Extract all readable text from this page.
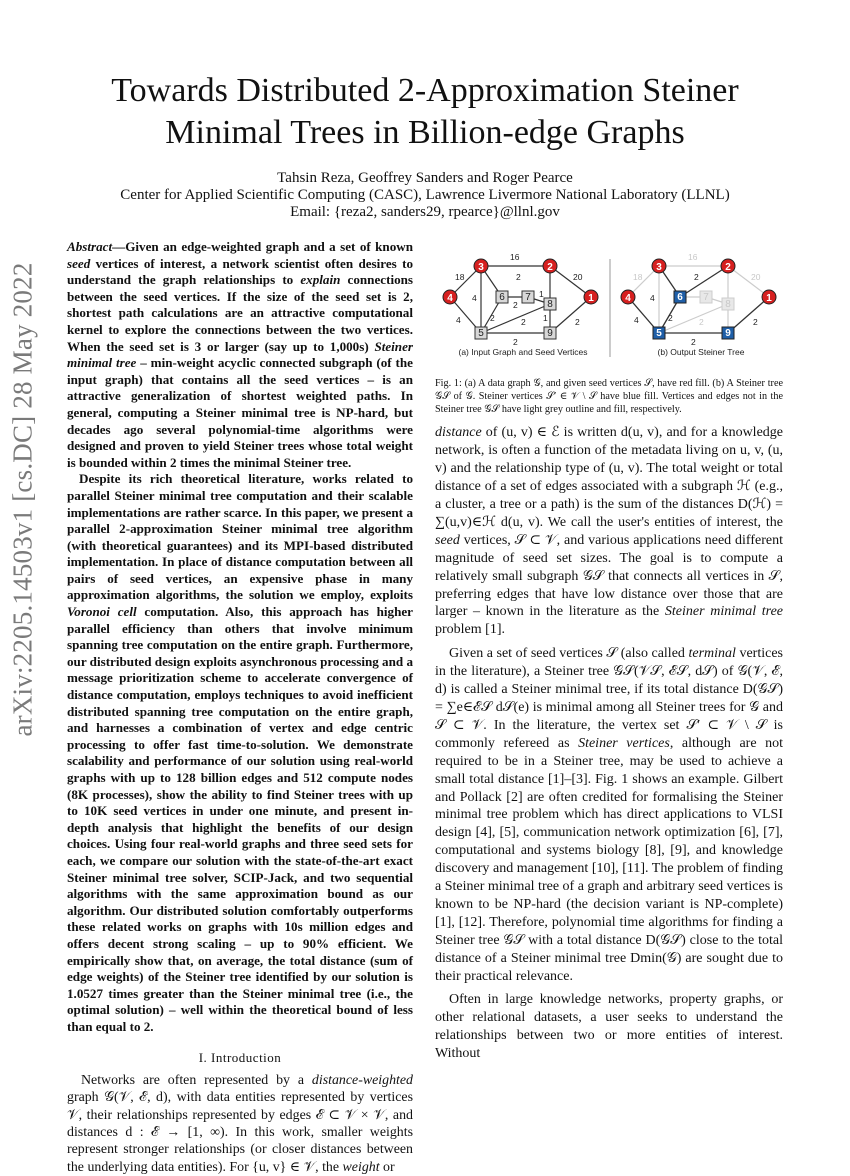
arXiv:2205.14503v1 [cs.DC] 28 May 2022
Towards Distributed 2-Approximation Steiner
Minimal Trees in Billion-edge Graphs
Tahsin Reza, Geoffrey Sanders and Roger Pearce
Center for Applied Scientific Computing (CASC), Lawrence Livermore National Laboratory (LLNL)
Email: {reza2, sanders29, rpearce}@llnl.gov

Abstract—Given an edge-weighted graph and a set of known seed vertices of interest, a network scientist often desires to understand the graph relationships to explain connections between the seed vertices. If the size of the seed set is 2, shortest path calculations are an attractive computational kernel to explore the connections between the two vertices. When the seed set is 3 or larger (say up to 1,000s) Steiner minimal tree – min-weight acyclic connected subgraph (of the input graph) that contains all the seed vertices – is an attractive generalization of shortest weighted paths. In general, computing a Steiner minimal tree is NP-hard, but decades ago several polynomial-time algorithms were designed and proven to yield Steiner trees whose total weight is bounded within 2 times the minimal Steiner tree.

Despite its rich theoretical literature, works related to parallel Steiner minimal tree computation and their scalable implementations are rather scarce. In this paper, we present a parallel 2-approximation Steiner minimal tree algorithm (with theoretical guarantees) and its MPI-based distributed implementation. In place of distance computation between all pairs of seed vertices, an expensive phase in many approximation algorithms, the solution we employ, exploits Voronoi cell computation. Also, this approach has higher parallel efficiency than others that involve minimum spanning tree computation on the entire graph. Furthermore, our distributed design exploits asynchronous processing and a message prioritization scheme to accelerate convergence of distance computation, employs techniques to avoid inefficient distributed spanning tree computation on the entire graph, and harnesses a combination of vertex and edge centric processing to offer fast time-to-solution. We demonstrate scalability and performance of our solution using real-world graphs with up to 128 billion edges and 512 compute nodes (8K processes), show the ability to find Steiner trees with up to 10K seed vertices in under one minute, and present in-depth analysis that highlight the benefits of our design choices. Using four real-world graphs and three seed sets for each, we compare our solution with the state-of-the-art exact Steiner minimal tree solver, SCIP-Jack, and two sequential algorithms with the same approximation bound as our algorithm. Our distributed solution comfortably outperforms these related works on graphs with 10s million edges and offers decent strong scaling – up to 90% efficient. We empirically show that, on average, the total distance (sum of edge weights) of the Steiner tree identified by our solution is 1.0527 times greater than the Steiner minimal tree (i.e., the optimal solution) – well within the theoretical bound of less than equal to 2.

I. Introduction

Networks are often represented by a distance-weighted graph 𝒢(𝒱, ℰ, d), with data entities represented by vertices 𝒱, their relationships represented by edges ℰ ⊂ 𝒱 × 𝒱, and distances d : ℰ → [1, ∞). In this work, smaller weights represent stronger relationships (or closer distances between the underlying data entities). For {u, v} ∈ 𝒱, the weight or

18
16
20
2
4
4
2
1
1
2
2
2
2
3	2
4	1
6 7
8
5	9
(a) Input Graph and Seed Vertices
18
16
20
4
4
2
2
2
2
2
3	2
4	1
6 7
8
5	9
(b) Output Steiner Tree
Fig. 1: (a) A data graph 𝒢, and given seed vertices 𝒮, have red fill. (b) A Steiner tree 𝒢𝒮 of 𝒢. Steiner vertices 𝒮′ ∈ 𝒱 \ 𝒮 have blue fill. Vertices and edges not in the Steiner tree 𝒢𝒮 have light grey outline and fill, respectively.

distance of (u, v) ∈ ℰ is written d(u, v), and for a knowledge network, is often a function of the metadata living on u, v, (u, v) and the relationship type of (u, v). The total weight or total distance of a set of edges associated with a subgraph ℋ (e.g., a cluster, a tree or a path) is the sum of the distances D(ℋ) = ∑(u,v)∈ℋ d(u, v). We call the user's entities of interest, the seed vertices, 𝒮 ⊂ 𝒱, and various applications need different magnitude of seed set sizes. The goal is to compute a relatively small subgraph 𝒢𝒮 that connects all vertices in 𝒮, preferring edges that have low distance over those that are larger – known in the literature as the Steiner minimal tree problem [1].

Given a set of seed vertices 𝒮 (also called terminal vertices in the literature), a Steiner tree 𝒢𝒮(𝒱𝒮, ℰ𝒮, d𝒮) of 𝒢(𝒱, ℰ, d) is called a Steiner minimal tree, if its total distance D(𝒢𝒮) = ∑e∈ℰ𝒮 d𝒮(e) is minimal among all Steiner trees for 𝒢 and 𝒮 ⊂ 𝒱. In the literature, the vertex set 𝒮′ ⊂ 𝒱 \ 𝒮 is commonly refereed as Steiner vertices, although are not required to be in a Steiner tree, may be used to achieve a small total distance [1]–[3]. Fig. 1 shows an example. Gilbert and Pollack [2] are often credited for formalising the Steiner minimal tree problem which has direct applications to VLSI design [4], [5], communication network optimization [6], [7], computational and systems biology [8], [9], and knowledge discovery and management [10], [11]. The problem of finding a Steiner minimal tree of a graph and arbitrary seed vertices is known to be NP-hard (the decision variant is NP-complete) [1], [12]. Therefore, polynomial time algorithms for finding a Steiner tree 𝒢𝒮 with a total distance D(𝒢𝒮) close to the total distance of a Steiner minimal tree Dmin(𝒢) are sought due to their practical relevance.

Often in large knowledge networks, property graphs, or other relational datasets, a user seeks to understand the relationships between two or more entities of interest. Without
